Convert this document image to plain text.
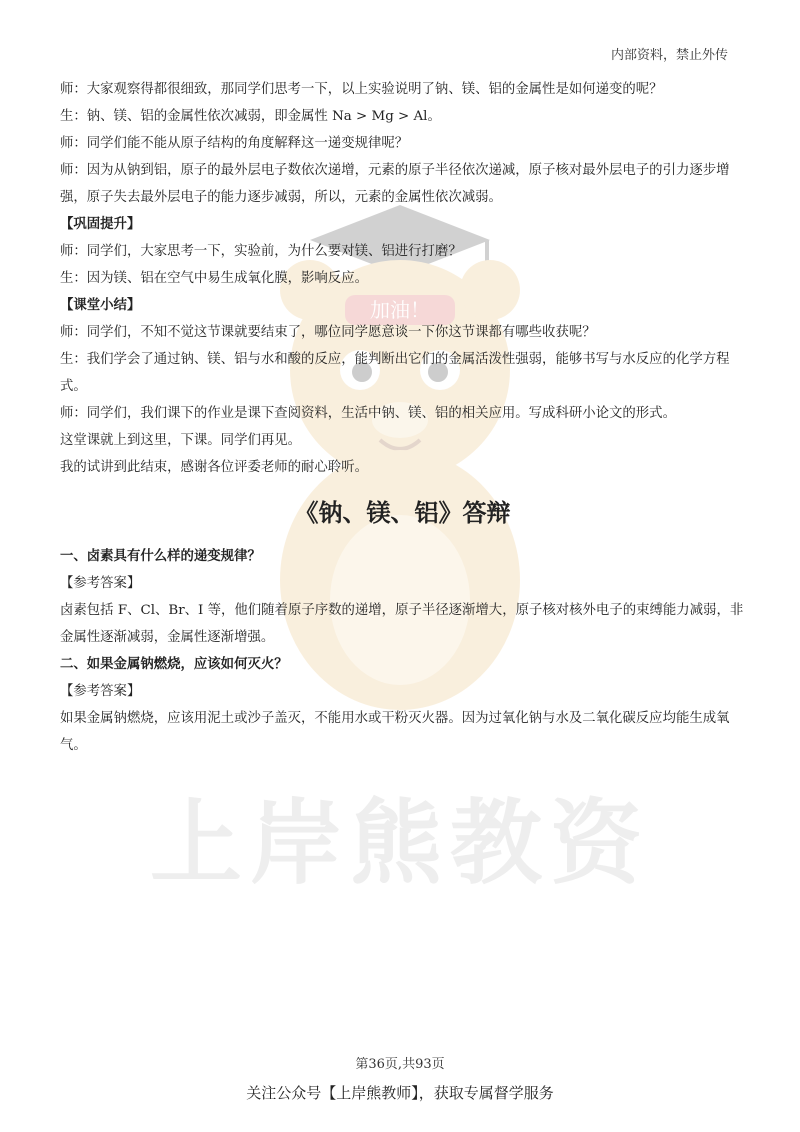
内部资料，禁止外传
加油！
上岸熊教资

师：大家观察得都很细致，那同学们思考一下，以上实验说明了钠、镁、铝的金属性是如何递变的呢？

生：钠、镁、铝的金属性依次减弱，即金属性 Na > Mg > Al。

师：同学们能不能从原子结构的角度解释这一递变规律呢？

师：因为从钠到铝，原子的最外层电子数依次递增，元素的原子半径依次递减，原子核对最外层电子的引力逐步增强，原子失去最外层电子的能力逐步减弱，所以，元素的金属性依次减弱。

【巩固提升】

师：同学们，大家思考一下，实验前，为什么要对镁、铝进行打磨？

生：因为镁、铝在空气中易生成氧化膜，影响反应。

【课堂小结】

师：同学们，不知不觉这节课就要结束了，哪位同学愿意谈一下你这节课都有哪些收获呢？

生：我们学会了通过钠、镁、铝与水和酸的反应，能判断出它们的金属活泼性强弱，能够书写与水反应的化学方程式。

师：同学们，我们课下的作业是课下查阅资料，生活中钠、镁、铝的相关应用。写成科研小论文的形式。

这堂课就上到这里，下课。同学们再见。

我的试讲到此结束，感谢各位评委老师的耐心聆听。

《钠、镁、铝》答辩

一、卤素具有什么样的递变规律？

【参考答案】

卤素包括 F、Cl、Br、I 等，他们随着原子序数的递增，原子半径逐渐增大，原子核对核外电子的束缚能力减弱，非金属性逐渐减弱，金属性逐渐增强。

二、如果金属钠燃烧，应该如何灭火？

【参考答案】

如果金属钠燃烧，应该用泥土或沙子盖灭，不能用水或干粉灭火器。因为过氧化钠与水及二氧化碳反应均能生成氧气。

第36页,共93页
关注公众号【上岸熊教师】，获取专属督学服务
